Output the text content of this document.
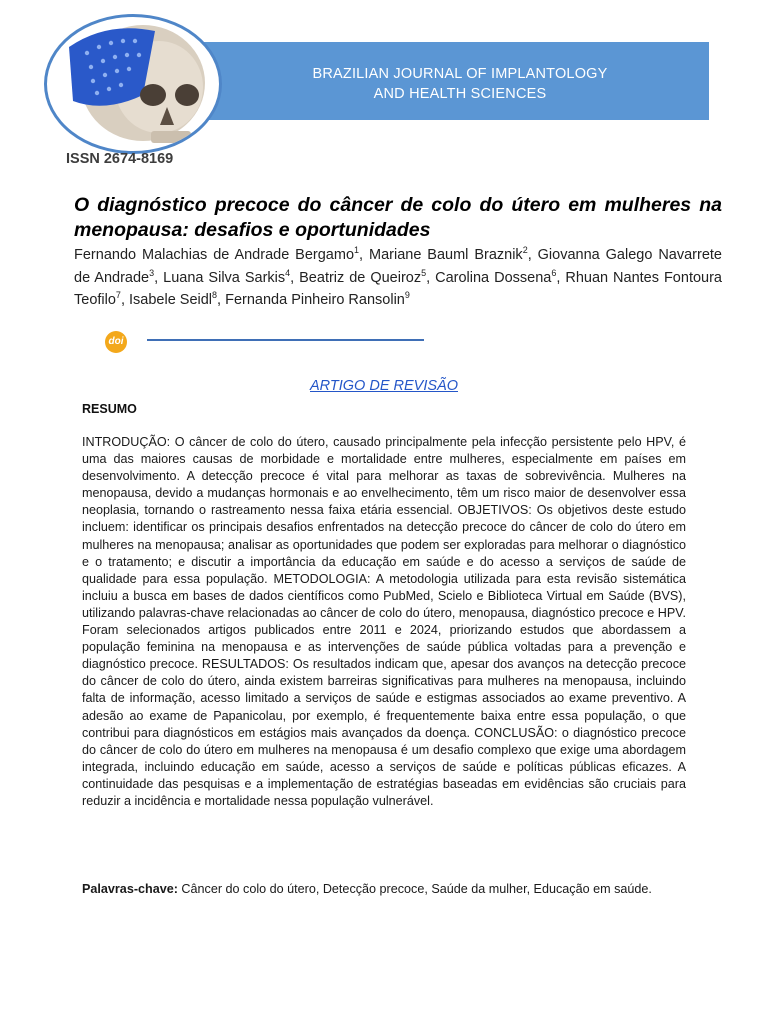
BRAZILIAN JOURNAL OF IMPLANTOLOGY
AND HEALTH SCIENCES
ISSN 2674-8169
O diagnóstico precoce do câncer de colo do útero em mulheres na menopausa: desafios e oportunidades
Fernando Malachias de Andrade Bergamo$^1$, Mariane Bauml Braznik$^2$, Giovanna Galego Navarrete de Andrade$^3$, Luana Silva Sarkis$^4$, Beatriz de Queiroz$^5$, Carolina Dossena$^6$, Rhuan Nantes Fontoura Teofilo$^7$, Isabele Seidl$^8$, Fernanda Pinheiro Ransolin$^9$
doi
ARTIGO DE REVISÃO
RESUMO

INTRODUÇÃO: O câncer de colo do útero, causado principalmente pela infecção persistente pelo HPV, é uma das maiores causas de morbidade e mortalidade entre mulheres, especialmente em países em desenvolvimento. A detecção precoce é vital para melhorar as taxas de sobrevivência. Mulheres na menopausa, devido a mudanças hormonais e ao envelhecimento, têm um risco maior de desenvolver essa neoplasia, tornando o rastreamento nessa faixa etária essencial. OBJETIVOS: Os objetivos deste estudo incluem: identificar os principais desafios enfrentados na detecção precoce do câncer de colo do útero em mulheres na menopausa; analisar as oportunidades que podem ser exploradas para melhorar o diagnóstico e o tratamento; e discutir a importância da educação em saúde e do acesso a serviços de saúde de qualidade para essa população. METODOLOGIA: A metodologia utilizada para esta revisão sistemática incluiu a busca em bases de dados científicos como PubMed, Scielo e Biblioteca Virtual em Saúde (BVS), utilizando palavras-chave relacionadas ao câncer de colo do útero, menopausa, diagnóstico precoce e HPV. Foram selecionados artigos publicados entre 2011 e 2024, priorizando estudos que abordassem a população feminina na menopausa e as intervenções de saúde pública voltadas para a prevenção e diagnóstico precoce. RESULTADOS: Os resultados indicam que, apesar dos avanços na detecção precoce do câncer de colo do útero, ainda existem barreiras significativas para mulheres na menopausa, incluindo falta de informação, acesso limitado a serviços de saúde e estigmas associados ao exame preventivo. A adesão ao exame de Papanicolau, por exemplo, é frequentemente baixa entre essa população, o que contribui para diagnósticos em estágios mais avançados da doença. CONCLUSÃO: o diagnóstico precoce do câncer de colo do útero em mulheres na menopausa é um desafio complexo que exige uma abordagem integrada, incluindo educação em saúde, acesso a serviços de saúde e políticas públicas eficazes. A continuidade das pesquisas e a implementação de estratégias baseadas em evidências são cruciais para reduzir a incidência e mortalidade nessa população vulnerável.

Palavras-chave: Câncer do colo do útero, Detecção precoce, Saúde da mulher, Educação em saúde.
